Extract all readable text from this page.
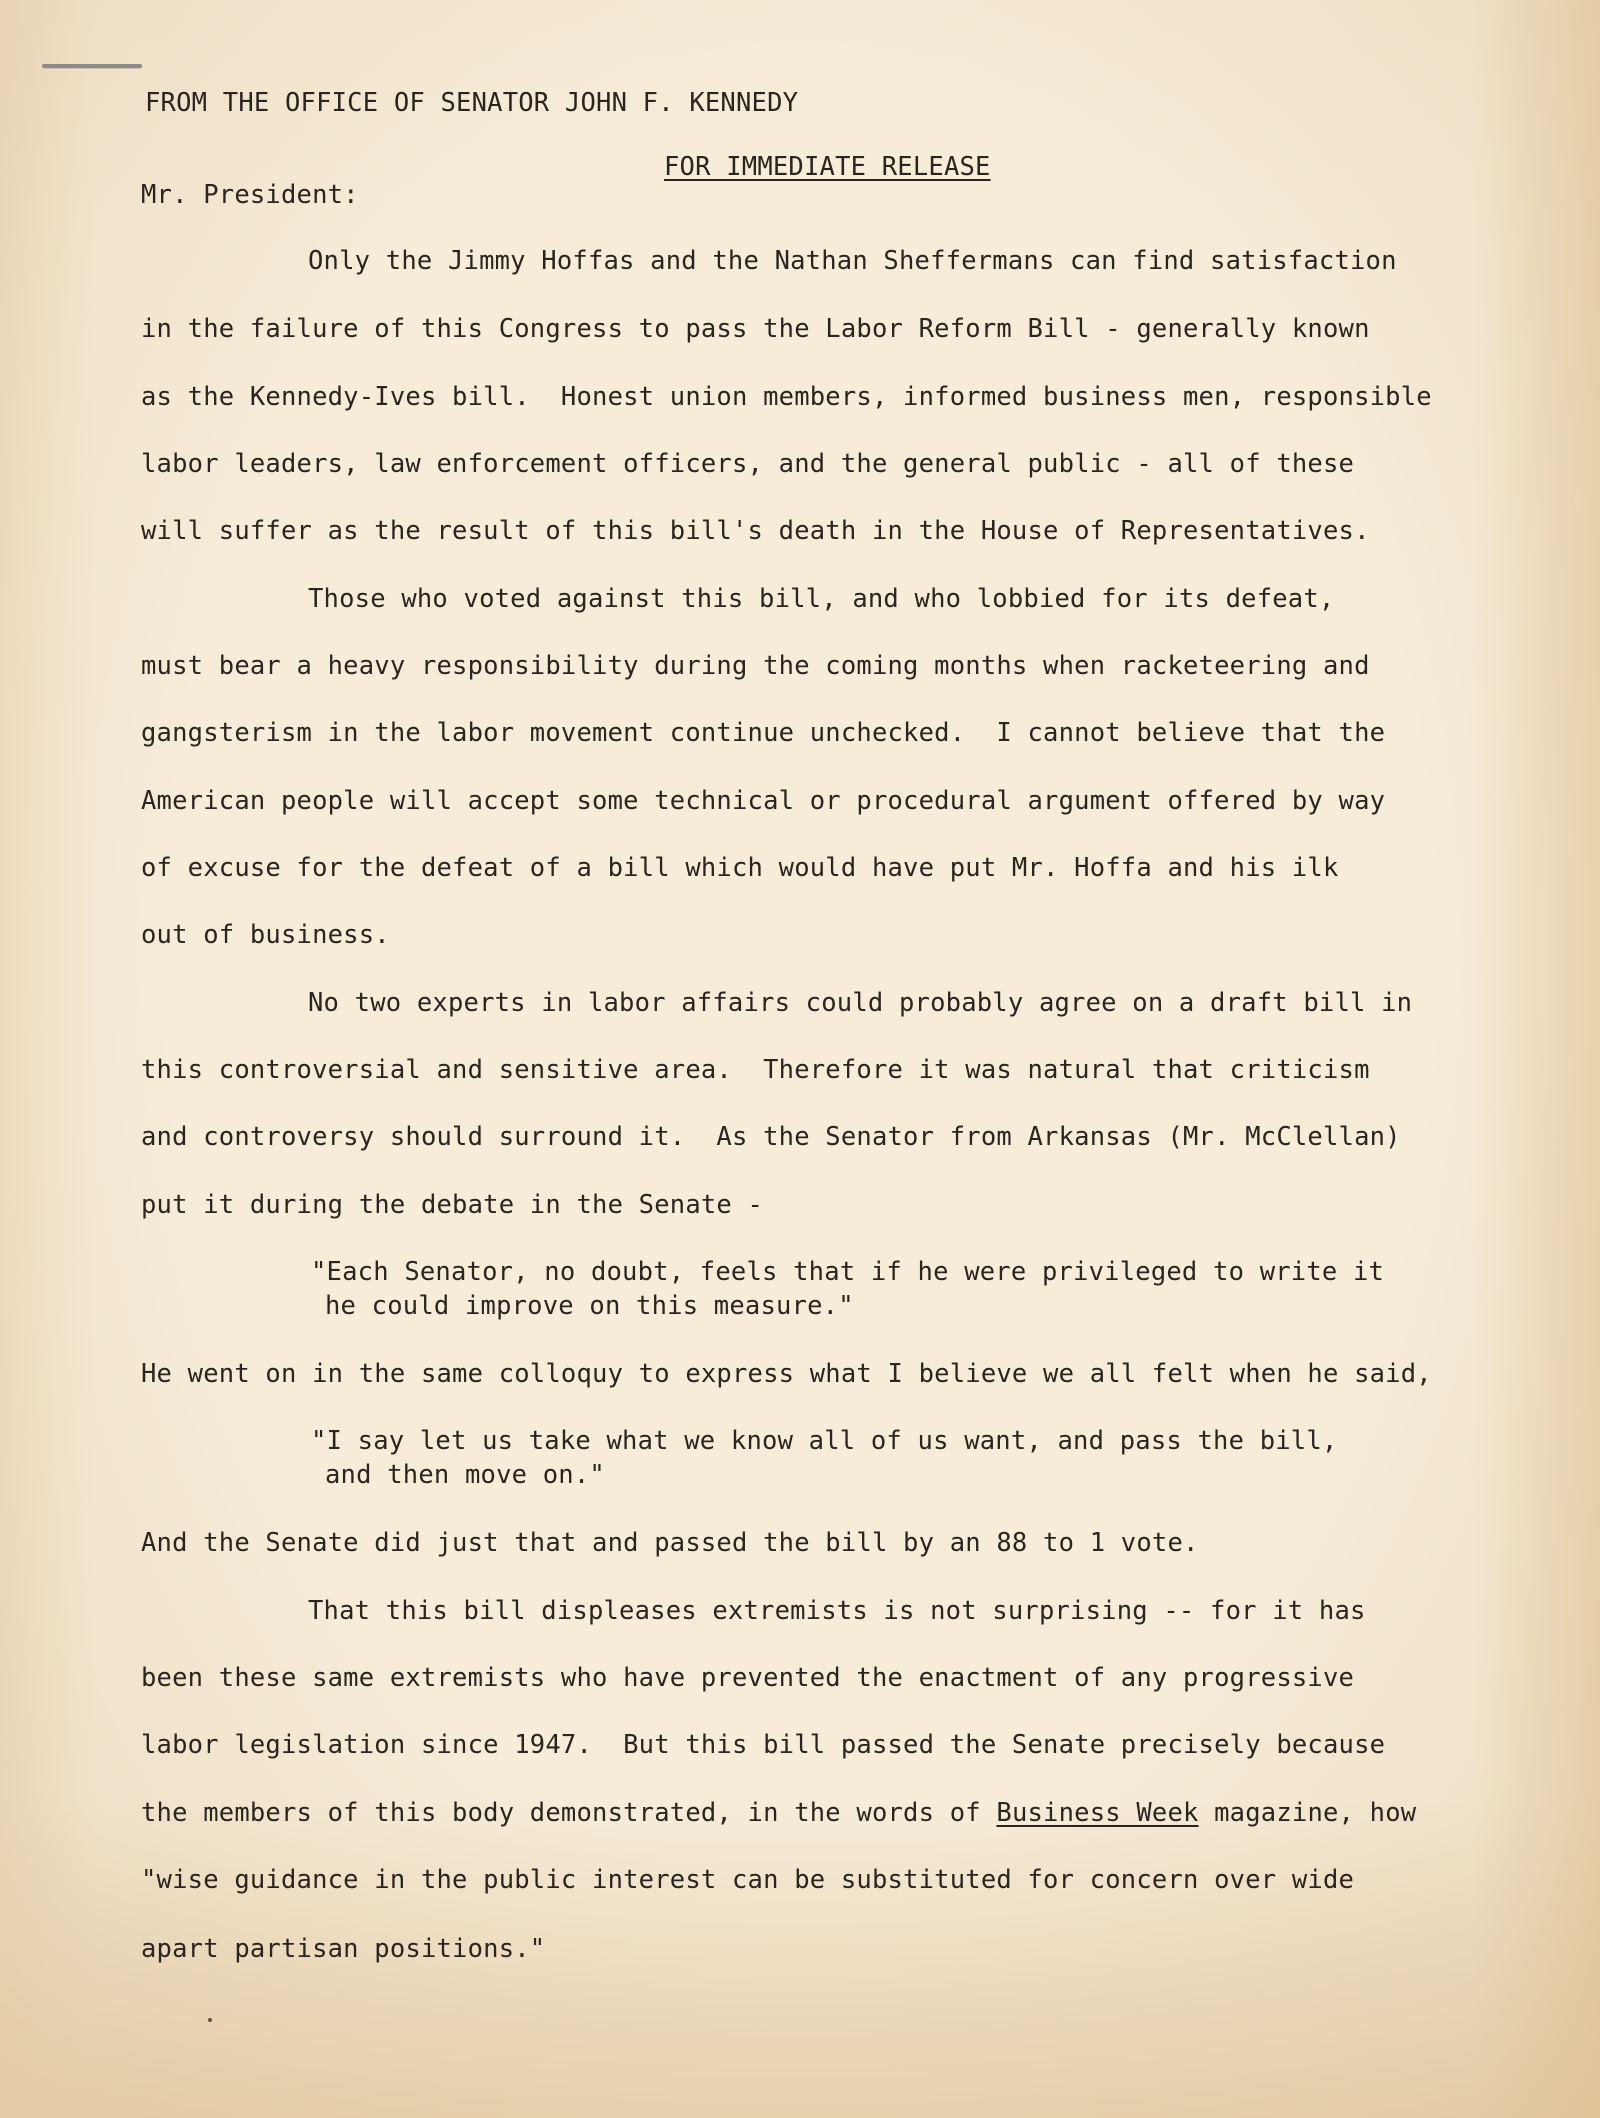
FROM THE OFFICE OF SENATOR JOHN F. KENNEDY
FOR IMMEDIATE RELEASE
Mr. President:
Only the Jimmy Hoffas and the Nathan Sheffermans can find satisfaction
in the failure of this Congress to pass the Labor Reform Bill - generally known
as the Kennedy-Ives bill.  Honest union members, informed business men, responsible
labor leaders, law enforcement officers, and the general public - all of these
will suffer as the result of this bill's death in the House of Representatives.
Those who voted against this bill, and who lobbied for its defeat,
must bear a heavy responsibility during the coming months when racketeering and
gangsterism in the labor movement continue unchecked.  I cannot believe that the
American people will accept some technical or procedural argument offered by way
of excuse for the defeat of a bill which would have put Mr. Hoffa and his ilk
out of business.
No two experts in labor affairs could probably agree on a draft bill in
this controversial and sensitive area.  Therefore it was natural that criticism
and controversy should surround it.  As the Senator from Arkansas (Mr. McClellan)
put it during the debate in the Senate -
"Each Senator, no doubt, feels that if he were privileged to write it
he could improve on this measure."
He went on in the same colloquy to express what I believe we all felt when he said,
"I say let us take what we know all of us want, and pass the bill,
and then move on."
And the Senate did just that and passed the bill by an 88 to 1 vote.
That this bill displeases extremists is not surprising -- for it has
been these same extremists who have prevented the enactment of any progressive
labor legislation since 1947.  But this bill passed the Senate precisely because
the members of this body demonstrated, in the words of Business Week magazine, how
"wise guidance in the public interest can be substituted for concern over wide
apart partisan positions."
